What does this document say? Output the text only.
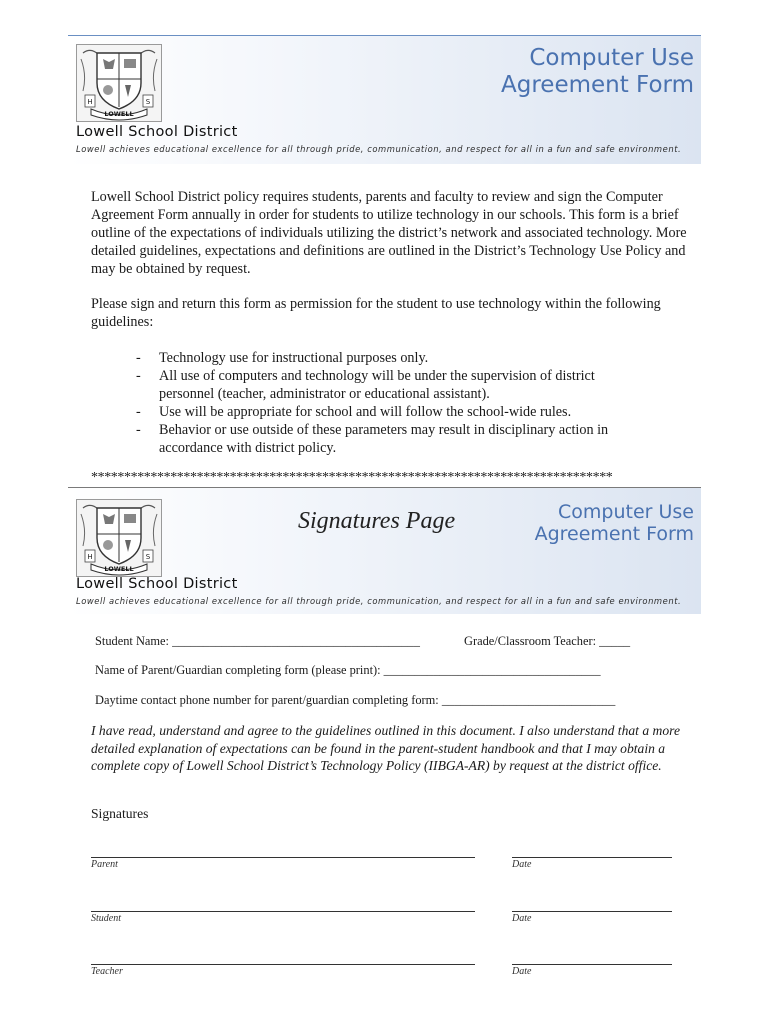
H	S
LOWELL
Computer Use
Agreement Form
Lowell School District
Lowell achieves educational excellence for all through pride, communication, and respect for all in a fun and safe environment.

Lowell School District policy requires students, parents and faculty to review and sign the Computer Agreement Form annually in order for students to utilize technology in our schools. This form is a brief outline of the expectations of individuals utilizing the district’s network and associated technology. More detailed guidelines, expectations and definitions are outlined in the District’s Technology Use Policy and may be obtained by request.

Please sign and return this form as permission for the student to use technology within the following guidelines:

- Technology use for instructional purposes only.
- All use of computers and technology will be under the supervision of district personnel (teacher, administrator or educational assistant).
- Use will be appropriate for school and will follow the school-wide rules.
- Behavior or use outside of these parameters may result in disciplinary action in accordance with district policy.
*******************************************************************************
H	S
LOWELL
Signatures Page	Computer Use
Agreement Form
Lowell School District
Lowell achieves educational excellence for all through pride, communication, and respect for all in a fun and safe environment.
Student Name: ________________________________________	Grade/Classroom Teacher: _____
Name of Parent/Guardian completing form (please print): ___________________________________
Daytime contact phone number for parent/guardian completing form: ____________________________

I have read, understand and agree to the guidelines outlined in this document. I also understand that a more detailed explanation of expectations can be found in the parent-student handbook and that I may obtain a complete copy of Lowell School District’s Technology Policy (IIBGA-AR) by request at the district office.

Signatures
Parent	Date
Student	Date
Teacher	Date
